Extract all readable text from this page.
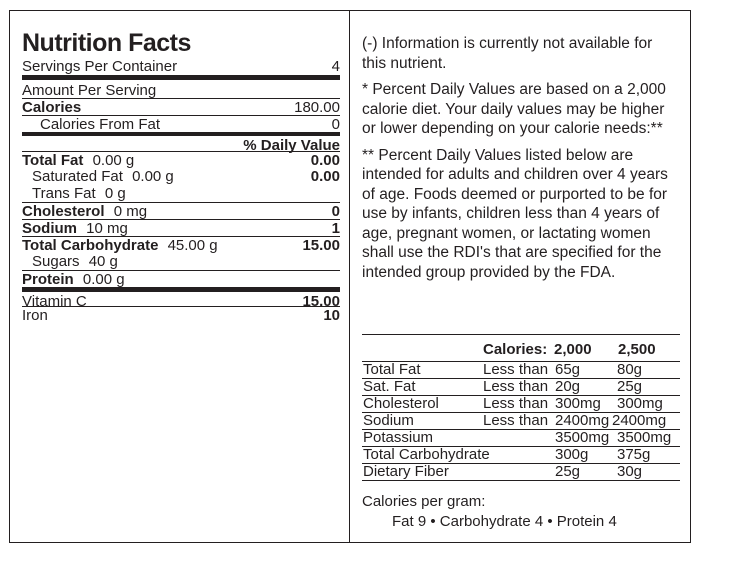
Nutrition Facts
Servings Per Container	4
Amount Per Serving
Calories	180.00
Calories From Fat	0
% Daily Value
Total Fat 0.00 g	0.00
Saturated Fat 0.00 g	0.00
Trans Fat 0 g
Cholesterol 0 mg	0
Sodium 10 mg	1
Total Carbohydrate 45.00 g	15.00
Sugars 40 g
Protein 0.00 g
Vitamin C	15.00
Iron	10

(-) Information is currently not available for this nutrient.

* Percent Daily Values are based on a 2,000 calorie diet. Your daily values may be higher or lower depending on your calorie needs:**

** Percent Daily Values listed below are intended for adults and children over 4 years of age. Foods deemed or purported to be for use by infants, children less than 4 years of age, pregnant women, or lactating women shall use the RDI's that are specified for the intended group provided by the FDA.

Calories: 2,000 2,500
Total Fat	Less than 65g 80g
Sat. Fat	Less than 20g 25g
Cholesterol	Less than 300mg 300mg
Sodium	Less than 2400mg 2400mg
Potassium	3500mg 3500mg
Total Carbohydrate	300g 375g
Dietary Fiber	25g 30g
Calories per gram:
Fat 9 • Carbohydrate 4 • Protein 4
